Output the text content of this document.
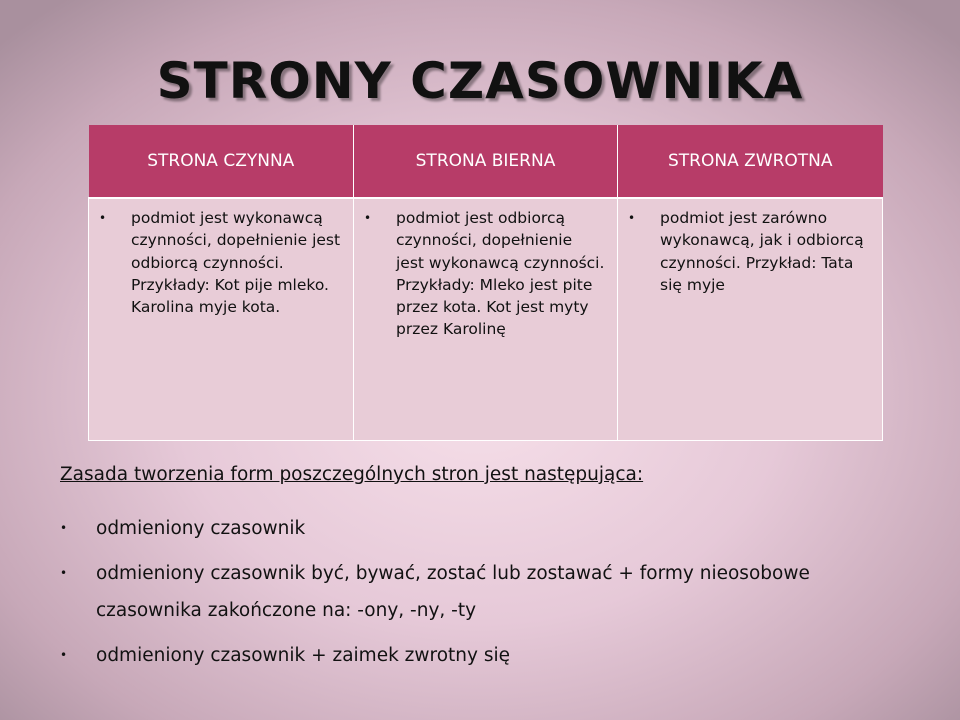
STRONY CZASOWNIKA
STRONA CZYNNA	STRONA BIERNA	STRONA ZWROTNA

• podmiot jest wykonawcą czynności, dopełnienie jest odbiorcą czynności. Przykłady: Kot pije mleko. Karolina myje kota.	• podmiot jest odbiorcą czynności, dopełnienie jest wykonawcą czynności. Przykłady: Mleko jest pite przez kota. Kot jest myty przez Karolinę	• podmiot jest zarówno wykonawcą, jak i odbiorcą czynności. Przykład: Tata się myje
Zasada tworzenia form poszczególnych stron jest następująca:
•	odmieniony czasownik
•	odmieniony czasownik być, bywać, zostać lub zostawać + formy nieosobowe czasownika zakończone na: -ony, -ny, -ty
•	odmieniony czasownik + zaimek zwrotny się
